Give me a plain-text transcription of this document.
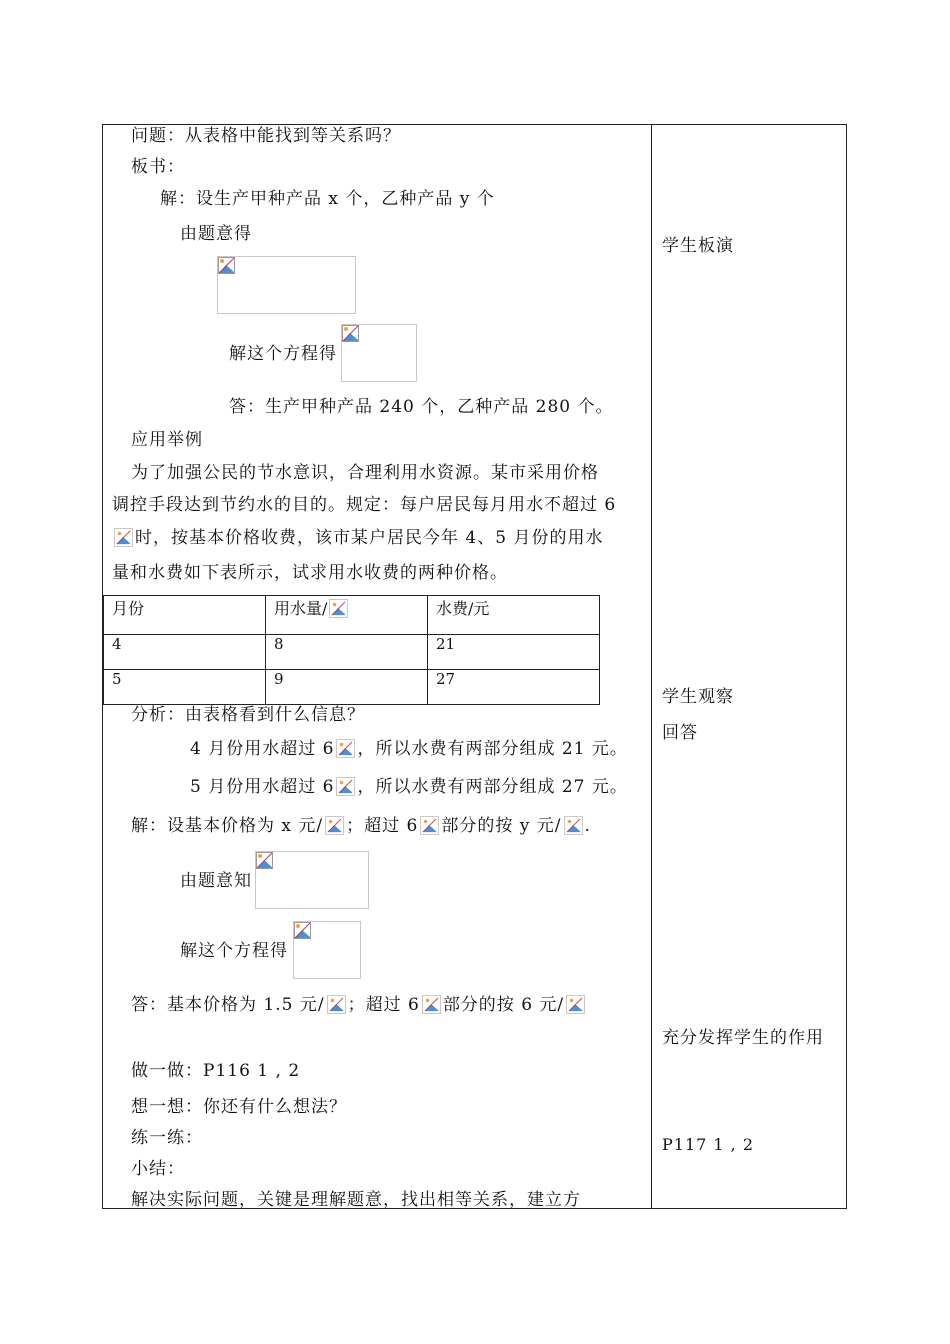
问题：从表格中能找到等关系吗？
板书：
解：设生产甲种产品 x 个，乙种产品 y 个
由题意得
解这个方程得
答：生产甲种产品 240 个，乙种产品 280 个。
应用举例
为了加强公民的节水意识，合理利用水资源。某市采用价格
调控手段达到节约水的目的。规定：每户居民每月用水不超过 6
时，按基本价格收费，该市某户居民今年 4、5 月份的用水
量和水费如下表所示，试求用水收费的两种价格。
月份	用水量/	水费/元
4	8	21
5	9	27
分析：由表格看到什么信息？
4 月份用水超过 6 ，所以水费有两部分组成 21 元。
5 月份用水超过 6 ，所以水费有两部分组成 27 元。
解：设基本价格为 x 元/ ；超过 6 部分的按 y 元/ .
由题意知
解这个方程得
答：基本价格为 1.5 元/ ；超过 6 部分的按 6 元/
做一做：P116 1 , 2
想一想：你还有什么想法？
练一练：
小结：
解决实际问题，关键是理解题意，找出相等关系，建立方
学生板演
学生观察
回答
充分发挥学生的作用
P117 1 , 2
